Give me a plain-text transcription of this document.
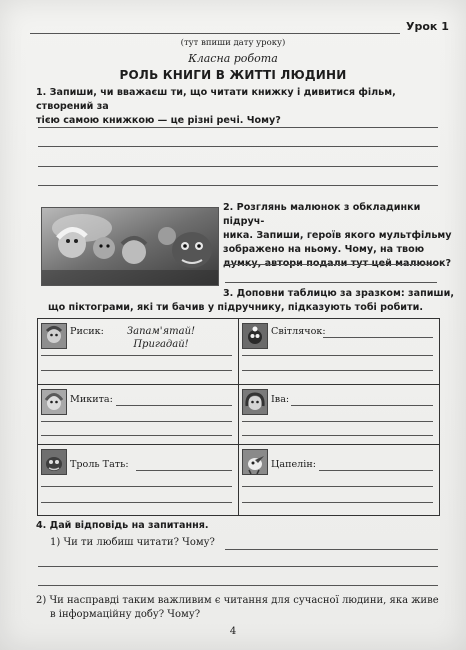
Урок 1
(тут впиши дату уроку)
Класна робота
РОЛЬ КНИГИ В ЖИТТІ ЛЮДИНИ
1. Запиши, чи вважаєш ти, що читати книжку і дивитися фільм, створений за
тією самою книжкою — це різні речі. Чому?
2. Розглянь малюнок з обкладинки підруч-
ника. Запиши, героїв якого мультфільму
зображено на ньому. Чому, на твою
думку, автори подали тут цей малюнок?
3. Доповни таблицю за зразком: запиши,
що піктограми, які ти бачив у підручнику, підказують тобі робити.
Рисик: Запам'ятай!
Пригадай!	Світлячок:

Микита:	Іва:

Троль Тать:	Цапелін:
4. Дай відповідь на запитання.
1) Чи ти любиш читати? Чому?
2) Чи насправді таким важливим є читання для сучасної людини, яка живе
в інформаційну добу? Чому?
4
